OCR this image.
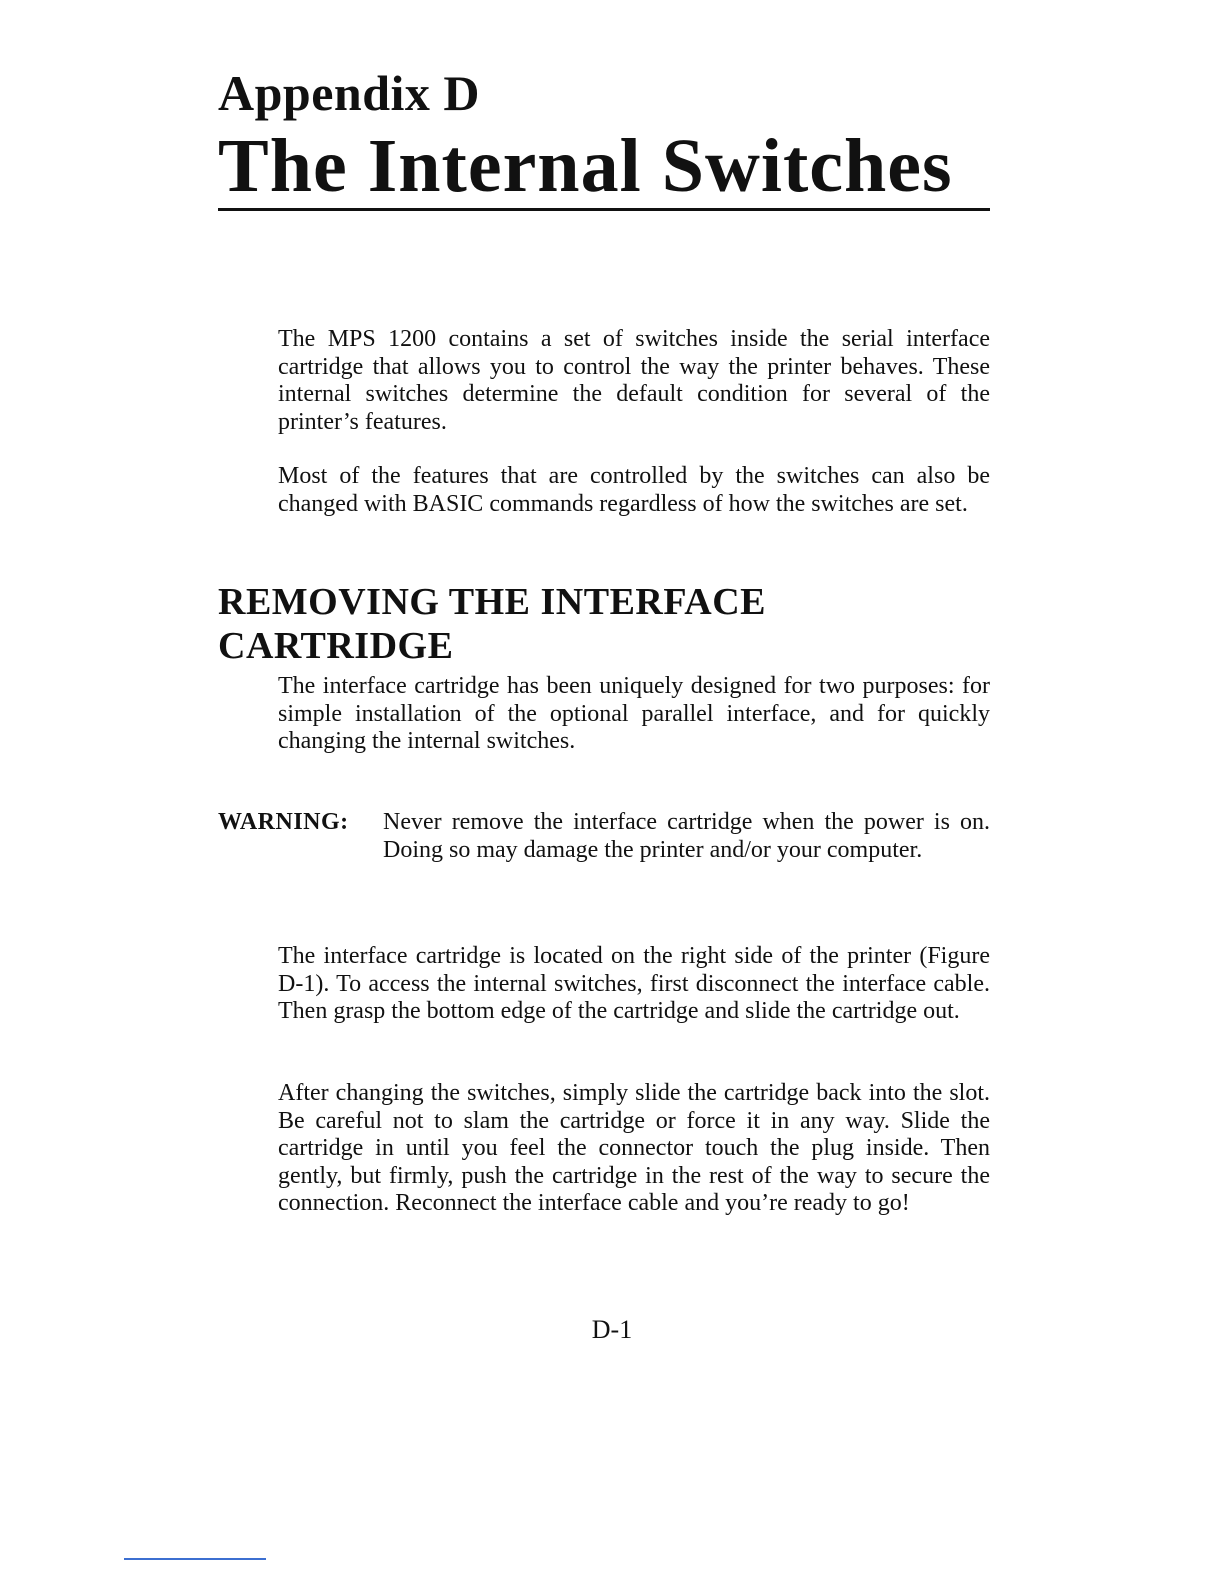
Appendix D
The Internal Switches

The MPS 1200 contains a set of switches inside the serial interface cartridge that allows you to control the way the printer behaves. These internal switches determine the default condition for several of the printer’s features.

Most of the features that are controlled by the switches can also be changed with BASIC commands regardless of how the switches are set.

REMOVING THE INTERFACE
CARTRIDGE

The interface cartridge has been uniquely designed for two purposes: for simple installation of the optional parallel interface, and for quickly changing the internal switches.

WARNING: Never remove the interface cartridge when the power is on. Doing so may damage the printer and/or your computer.

The interface cartridge is located on the right side of the printer (Figure D-1). To access the internal switches, first disconnect the interface cable. Then grasp the bottom edge of the cartridge and slide the cartridge out.

After changing the switches, simply slide the cartridge back into the slot. Be careful not to slam the cartridge or force it in any way. Slide the cartridge in until you feel the connector touch the plug inside. Then gently, but firmly, push the cartridge in the rest of the way to secure the connection. Reconnect the interface cable and you’re ready to go!

D-1
